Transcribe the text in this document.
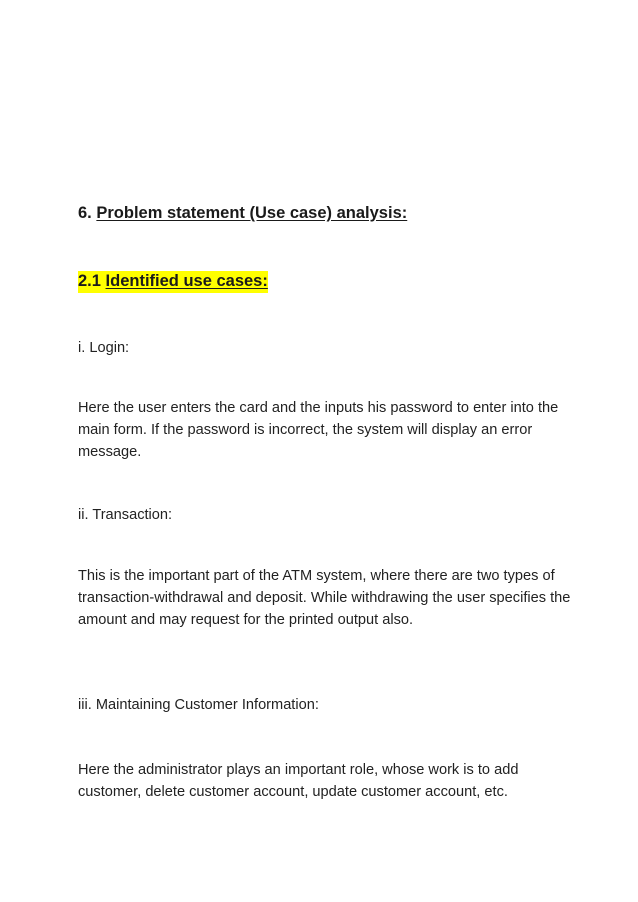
6. Problem statement (Use case) analysis:
2.1 Identified use cases:
i. Login:
Here the user enters the card and the inputs his password to enter into the main form. If the password is incorrect, the system will display an error message.
ii. Transaction:
This is the important part of the ATM system, where there are two types of transaction-withdrawal and deposit. While withdrawing the user specifies the amount and may request for the printed output also.
iii. Maintaining Customer Information:
Here the administrator plays an important role, whose work is to add customer, delete customer account, update customer account, etc.
